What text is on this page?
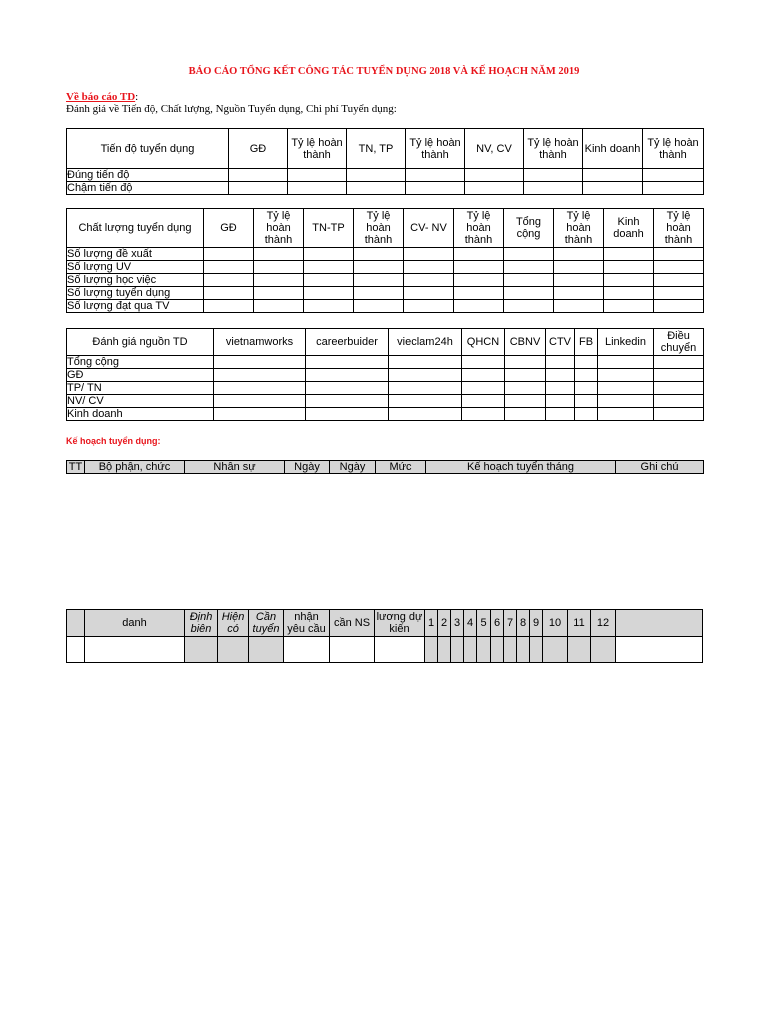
BÁO CÁO TỔNG KẾT CÔNG TÁC TUYỂN DỤNG 2018 VÀ KẾ HOẠCH NĂM 2019
Về báo cáo TD:
Đánh giá về Tiến độ, Chất lượng, Nguồn Tuyển dụng, Chi phí Tuyển dụng:
Tiến độ tuyển dụng	GĐ	Tỷ lệ hoàn thành	TN, TP	Tỷ lệ hoàn thành	NV, CV	Tỷ lệ hoàn thành	Kinh doanh	Tỷ lệ hoàn thành
Đúng tiến độ								
Chậm tiến độ								
Chất lượng tuyển dụng	GĐ	Tỷ lệ hoàn thành	TN-TP	Tỷ lệ hoàn thành	CV- NV	Tỷ lệ hoàn thành	Tổng cộng	Tỷ lệ hoàn thành	Kinh doanh	Tỷ lệ hoàn thành
Số lượng đề xuất										
Số lượng UV										
Số lượng học việc										
Số lượng tuyển dụng										
Số lượng đạt qua TV										
Đánh giá nguồn TD	vietnamworks	careerbuider	vieclam24h	QHCN	CBNV	CTV	FB	Linkedin	Điều chuyển
Tổng cộng									
GĐ									
TP/ TN									
NV/ CV									
Kinh doanh									
Kế hoạch tuyển dụng:
TT	Bộ phận, chức	Nhân sự	Ngày	Ngày	Mức	Kế hoạch tuyển tháng	Ghi chú
	danh	Định biên	Hiện có	Cần tuyển	nhận yêu cầu	cần NS	lương dự kiến	1	2	3	4	5	6	7	8	9	10	11	12	
